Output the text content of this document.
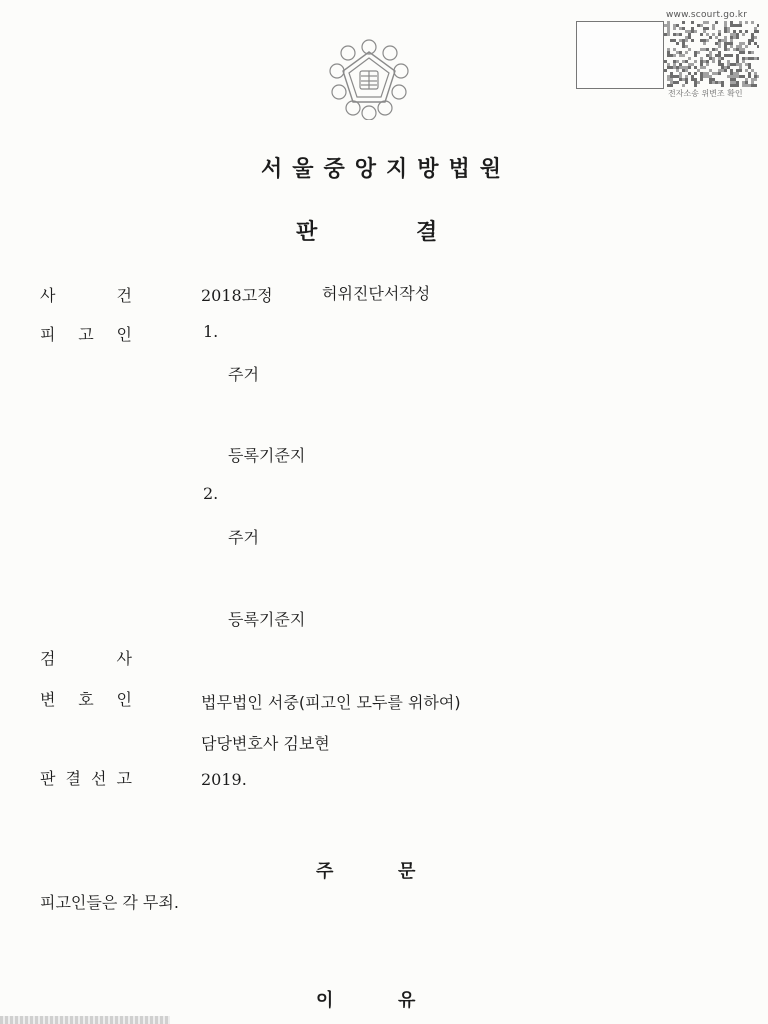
www.scourt.go.kr
전자소송 위변조 확인
서울중앙지방법원
판	결
사	건	2018고정	허위진단서작성
피 고 인	1.
주거
등록기준지
2.
주거
등록기준지
검	사
변 호 인	법무법인 서중(피고인 모두를 위하여)
담당변호사 김보현
판 결 선 고	2019.
주	문
피고인들은 각 무죄.
이	유
